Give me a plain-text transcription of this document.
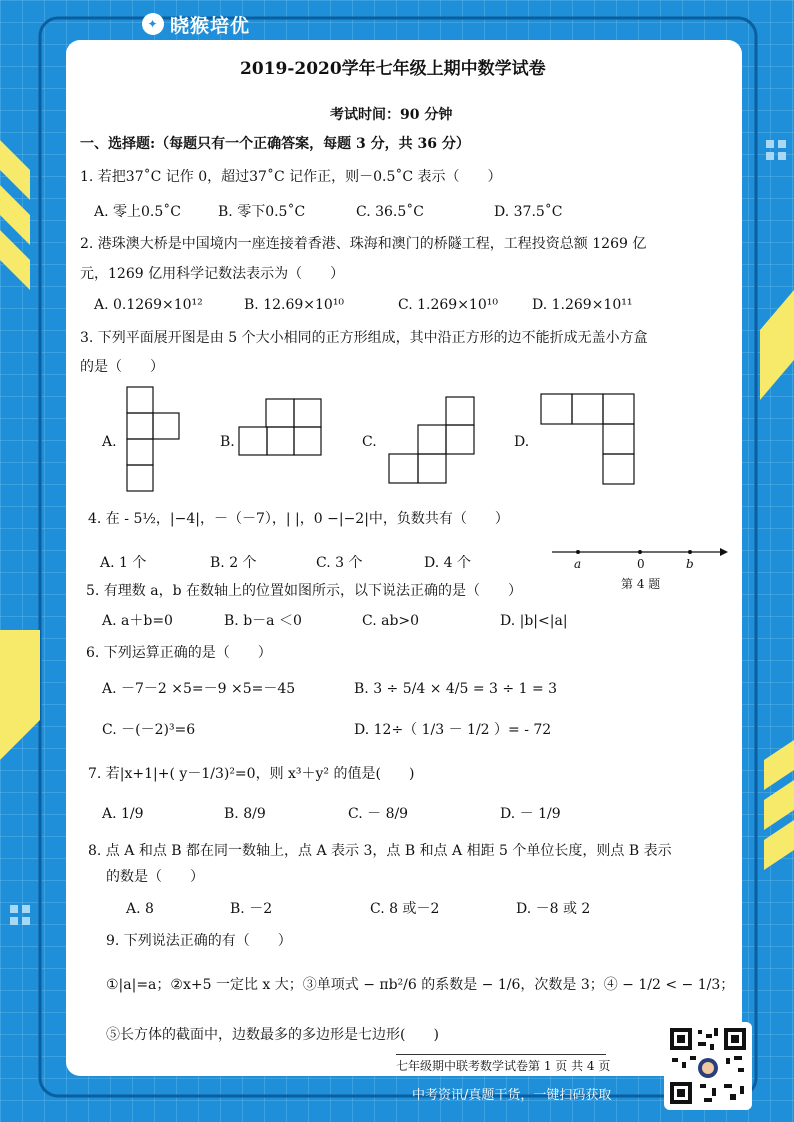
✦ 晓猴培优
2019-2020学年七年级上期中数学试卷
考试时间：90 分钟
一、选择题:（每题只有一个正确答案，每题 3 分，共 36 分）
1. 若把37˚C 记作 0，超过37˚C 记作正，则－0.5˚C 表示（　　）
A. 零上0.5˚C	B. 零下0.5˚C	C. 36.5˚C	D. 37.5˚C
2. 港珠澳大桥是中国境内一座连接着香港、珠海和澳门的桥隧工程，工程投资总额 1269 亿
元，1269 亿用科学记数法表示为（　　）
A. 0.1269×10¹²	B. 12.69×10¹⁰	C. 1.269×10¹⁰ D. 1.269×10¹¹
3. 下列平面展开图是由 5 个大小相同的正方形组成，其中沿正方形的边不能折成无盖小方盒
的是（　　）
A.	B.	C.	D.
4. 在 - 5½，|−4|，－（－7），| |，0 −|−2|中，负数共有（　　）
A. 1 个	B. 2 个	C. 3 个	D. 4 个	a	0	b
第 4 题
5. 有理数 a，b 在数轴上的位置如图所示，以下说法正确的是（　　）
A. a＋b=0	B. b－a ＜0	C. ab>0	D. |b|<|a|
6. 下列运算正确的是（　　）
A. －7－2 ×5=－9 ×5=－45	B. 3 ÷ 5/4 × 4/5 = 3 ÷ 1 = 3
C. －(－2)³=6	D. 12÷（ 1/3 － 1/2 ）= - 72
7. 若|x+1|+( y－1/3)²=0，则 x³＋y² 的值是(　　)
A. 1/9	B. 8/9	C. － 8/9	D. － 1/9
8. 点 A 和点 B 都在同一数轴上，点 A 表示 3，点 B 和点 A 相距 5 个单位长度，则点 B 表示
的数是（　　）
A. 8	B. －2	C. 8 或－2	D. －8 或 2
9. 下列说法正确的有（　　）
①|a|=a；②x+5 一定比 x 大；③单项式 − πb²/6 的系数是 − 1/6，次数是 3；④ − 1/2 < − 1/3；
⑤长方体的截面中，边数最多的多边形是七边形(　　)
七年级期中联考数学试卷第 1 页 共 4 页
中考资讯/真题干货，一键扫码获取
